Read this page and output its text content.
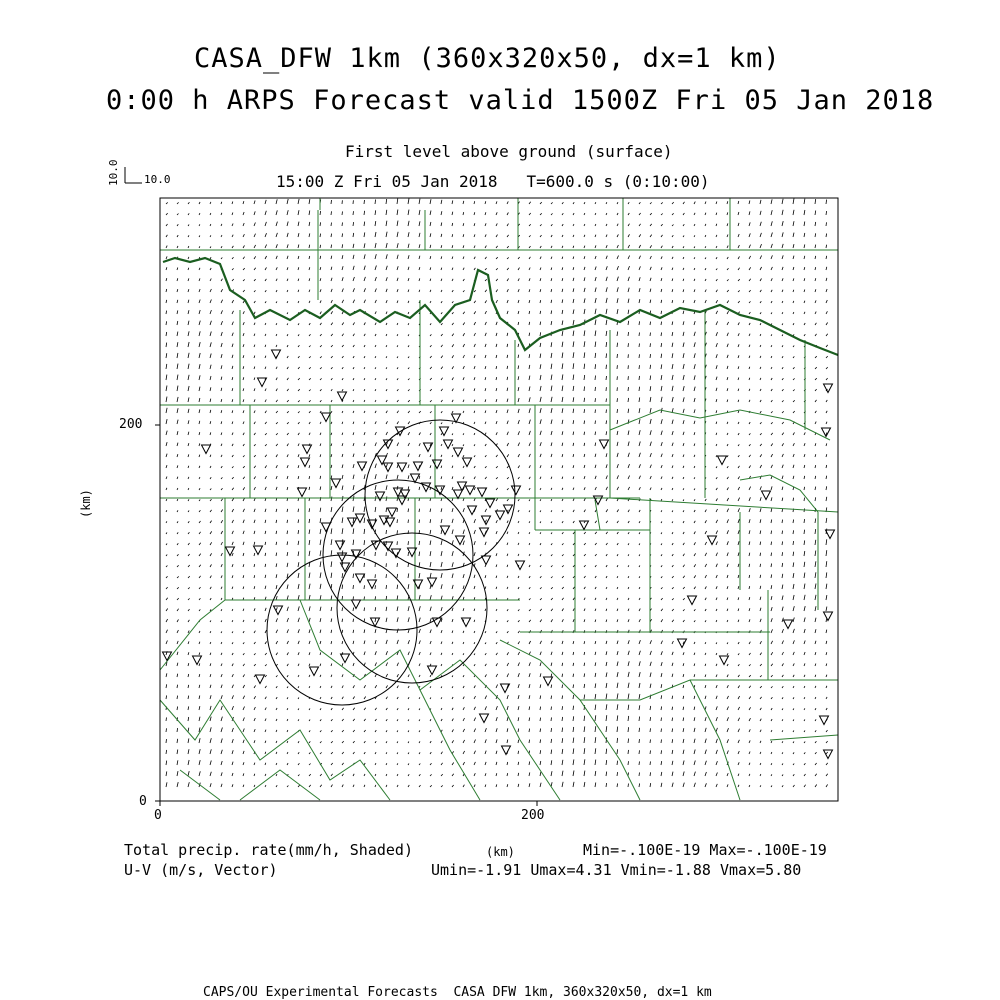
CASA_DFW 1km (360x320x50, dx=1 km)
0:00 h ARPS Forecast valid 1500Z Fri 05 Jan 2018
First level above ground (surface)
15:00 Z Fri 05 Jan 2018   T=600.0 s (0:10:00)
10.0
10.0
(km)
200
0
0	200
(km)
Total precip. rate(mm/h, Shaded)
U-V (m/s, Vector)
Min=-.100E-19 Max=-.100E-19
Umin=-1.91 Umax=4.31 Vmin=-1.88 Vmax=5.80
CAPS/OU Experimental Forecasts  CASA DFW 1km, 360x320x50, dx=1 km
